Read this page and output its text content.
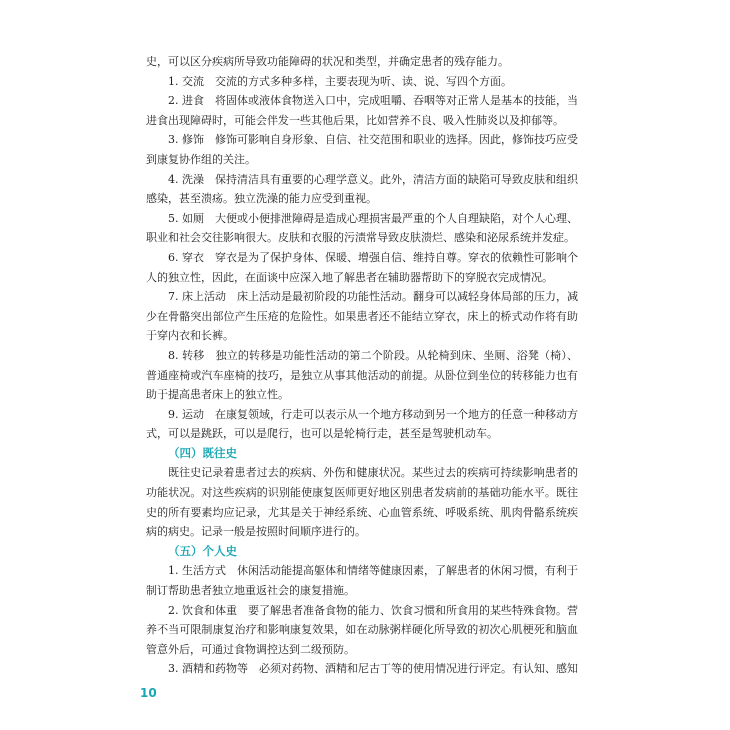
史，可以区分疾病所导致功能障碍的状况和类型，并确定患者的残存能力。

1. 交流　交流的方式多种多样，主要表现为听、读、说、写四个方面。

2. 进食　将固体或液体食物送入口中，完成咀嚼、吞咽等对正常人是基本的技能，当进食出现障碍时，可能会伴发一些其他后果，比如营养不良、吸入性肺炎以及抑郁等。

3. 修饰　修饰可影响自身形象、自信、社交范围和职业的选择。因此，修饰技巧应受到康复协作组的关注。

4. 洗澡　保持清洁具有重要的心理学意义。此外，清洁方面的缺陷可导致皮肤和组织感染，甚至溃疡。独立洗澡的能力应受到重视。

5. 如厕　大便或小便排泄障碍是造成心理损害最严重的个人自理缺陷，对个人心理、职业和社会交往影响很大。皮肤和衣服的污渍常导致皮肤溃烂、感染和泌尿系统并发症。

6. 穿衣　穿衣是为了保护身体、保暖、增强自信、维持自尊。穿衣的依赖性可影响个人的独立性，因此，在面谈中应深入地了解患者在辅助器帮助下的穿脱衣完成情况。

7. 床上活动　床上活动是最初阶段的功能性活动。翻身可以减轻身体局部的压力，减少在骨骼突出部位产生压疮的危险性。如果患者还不能结立穿衣，床上的桥式动作将有助于穿内衣和长裤。

8. 转移　独立的转移是功能性活动的第二个阶段。从轮椅到床、坐厕、浴凳（椅）、普通座椅或汽车座椅的技巧，是独立从事其他活动的前提。从卧位到坐位的转移能力也有助于提高患者床上的独立性。

9. 运动　在康复领域，行走可以表示从一个地方移动到另一个地方的任意一种移动方式，可以是跳跃，可以是爬行，也可以是轮椅行走，甚至是驾驶机动车。

（四）既往史

既往史记录着患者过去的疾病、外伤和健康状况。某些过去的疾病可持续影响患者的功能状况。对这些疾病的识别能使康复医师更好地区别患者发病前的基础功能水平。既往史的所有要素均应记录，尤其是关于神经系统、心血管系统、呼吸系统、肌肉骨骼系统疾病的病史。记录一般是按照时间顺序进行的。

（五）个人史

1. 生活方式　休闲活动能提高躯体和情绪等健康因素，了解患者的休闲习惯，有利于制订帮助患者独立地重返社会的康复措施。

2. 饮食和体重　要了解患者准备食物的能力、饮食习惯和所食用的某些特殊食物。营养不当可限制康复治疗和影响康复效果，如在动脉粥样硬化所导致的初次心肌梗死和脑血管意外后，可通过食物调控达到二级预防。

3. 酒精和药物等　必须对药物、酒精和尼古丁等的使用情况进行评定。有认知、感知

10
